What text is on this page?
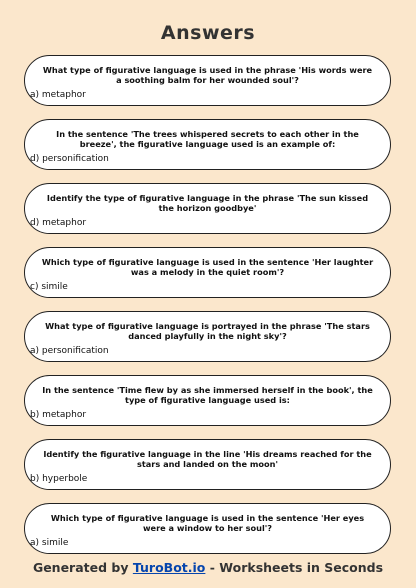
Answers
What type of figurative language is used in the phrase 'His words were a soothing balm for her wounded soul'?
a) metaphor
In the sentence 'The trees whispered secrets to each other in the breeze', the figurative language used is an example of:
d) personification
Identify the type of figurative language in the phrase 'The sun kissed the horizon goodbye'
d) metaphor
Which type of figurative language is used in the sentence 'Her laughter was a melody in the quiet room'?
c) simile
What type of figurative language is portrayed in the phrase 'The stars danced playfully in the night sky'?
a) personification
In the sentence 'Time flew by as she immersed herself in the book', the type of figurative language used is:
b) metaphor
Identify the figurative language in the line 'His dreams reached for the stars and landed on the moon'
b) hyperbole
Which type of figurative language is used in the sentence 'Her eyes were a window to her soul'?
a) simile
Generated by TuroBot.io - Worksheets in Seconds
